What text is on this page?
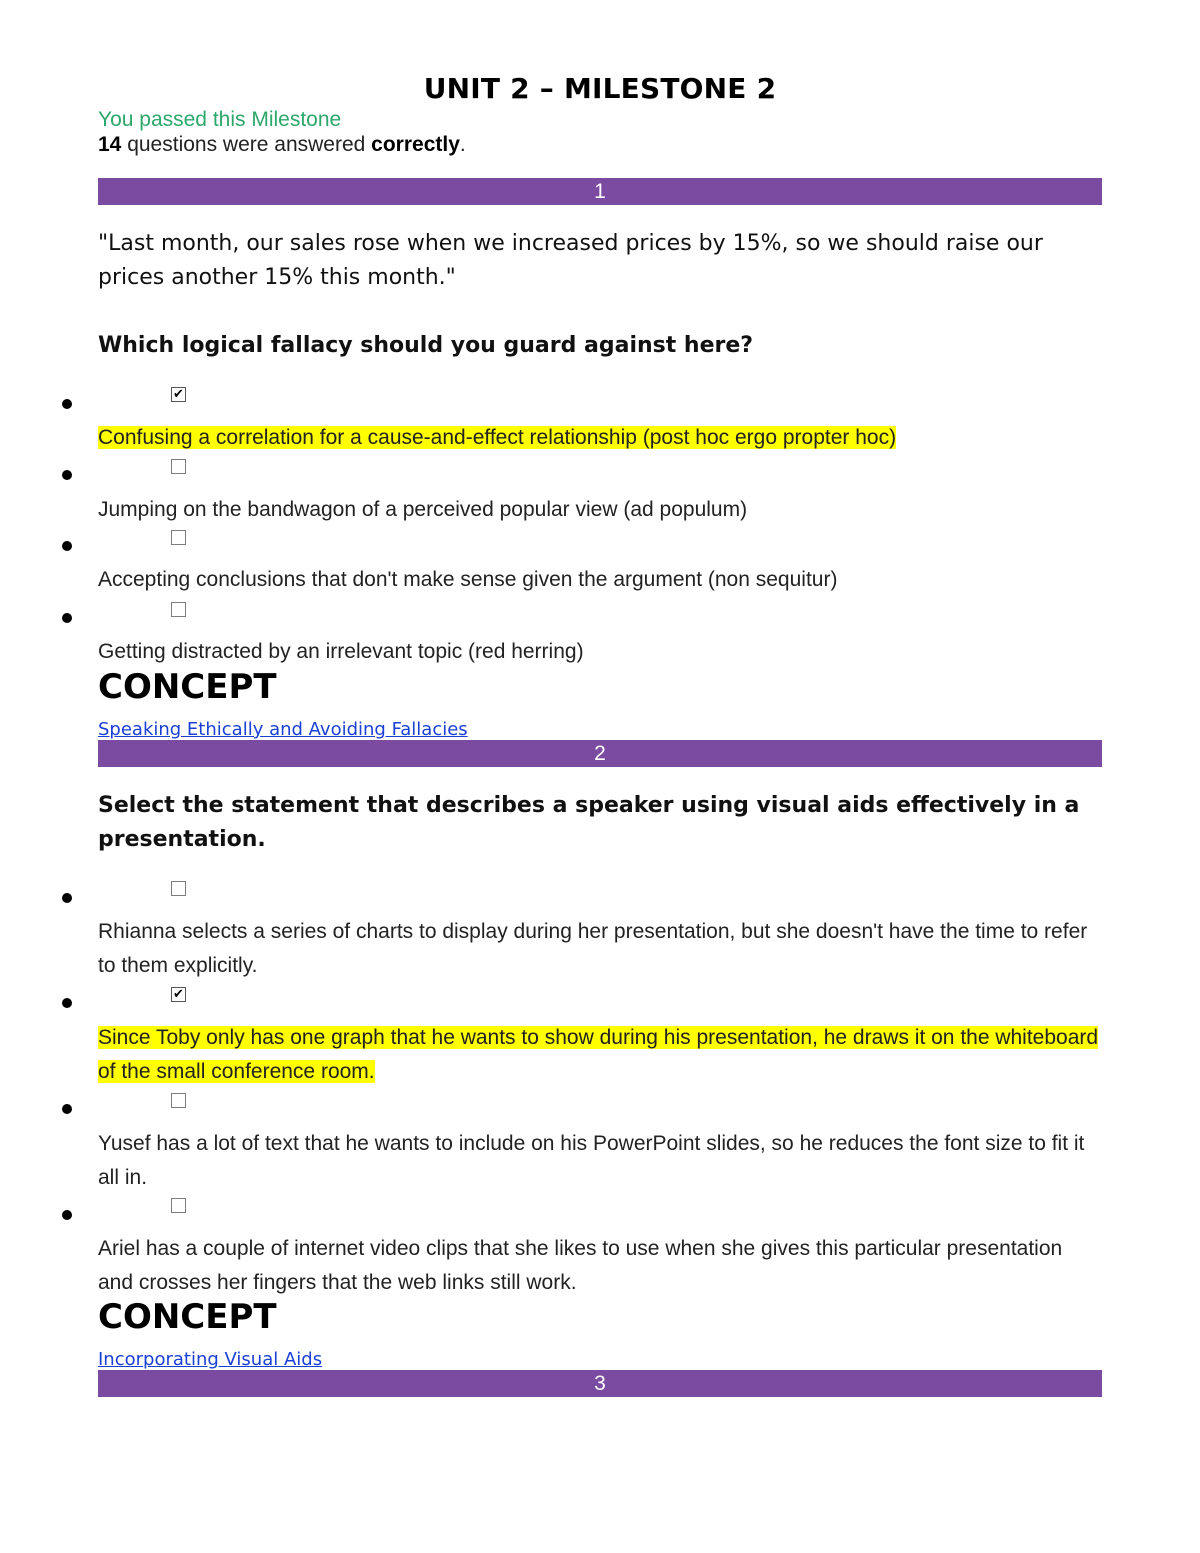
UNIT 2 – MILESTONE 2
You passed this Milestone
14 questions were answered correctly.
1
"Last month, our sales rose when we increased prices by 15%, so we should raise our prices another 15% this month."
Which logical fallacy should you guard against here?
✔
Confusing a correlation for a cause-and-effect relationship (post hoc ergo propter hoc)
Jumping on the bandwagon of a perceived popular view (ad populum)
Accepting conclusions that don't make sense given the argument (non sequitur)
Getting distracted by an irrelevant topic (red herring)
CONCEPT
Speaking Ethically and Avoiding Fallacies
2
Select the statement that describes a speaker using visual aids effectively in a presentation.
Rhianna selects a series of charts to display during her presentation, but she doesn't have the time to refer to them explicitly.
✔
Since Toby only has one graph that he wants to show during his presentation, he draws it on the whiteboard of the small conference room.
Yusef has a lot of text that he wants to include on his PowerPoint slides, so he reduces the font size to fit it all in.
Ariel has a couple of internet video clips that she likes to use when she gives this particular presentation and crosses her fingers that the web links still work.
CONCEPT
Incorporating Visual Aids
3
